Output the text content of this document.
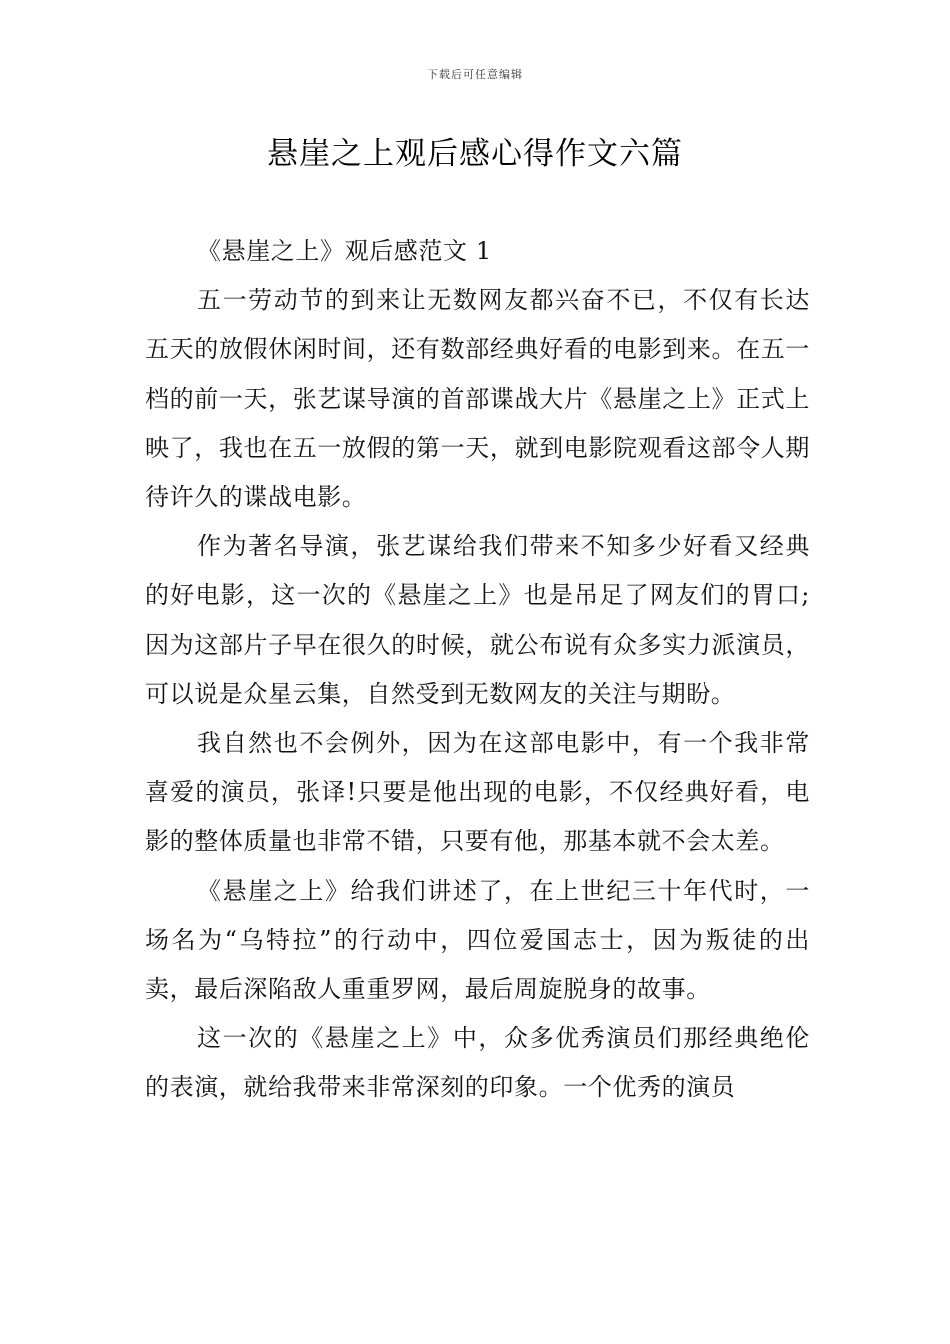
下载后可任意编辑
悬崖之上观后感心得作文六篇

《悬崖之上》观后感范文 1

五一劳动节的到来让无数网友都兴奋不已，不仅有长达五天的放假休闲时间，还有数部经典好看的电影到来。在五一档的前一天，张艺谋导演的首部谍战大片《悬崖之上》正式上映了，我也在五一放假的第一天，就到电影院观看这部令人期待许久的谍战电影。

作为著名导演，张艺谋给我们带来不知多少好看又经典的好电影，这一次的《悬崖之上》也是吊足了网友们的胃口;因为这部片子早在很久的时候，就公布说有众多实力派演员，可以说是众星云集，自然受到无数网友的关注与期盼。

我自然也不会例外，因为在这部电影中，有一个我非常喜爱的演员，张译!只要是他出现的电影，不仅经典好看，电影的整体质量也非常不错，只要有他，那基本就不会太差。

《悬崖之上》给我们讲述了，在上世纪三十年代时，一场名为“乌特拉”的行动中，四位爱国志士，因为叛徒的出卖，最后深陷敌人重重罗网，最后周旋脱身的故事。

这一次的《悬崖之上》中，众多优秀演员们那经典绝伦的表演，就给我带来非常深刻的印象。一个优秀的演员
